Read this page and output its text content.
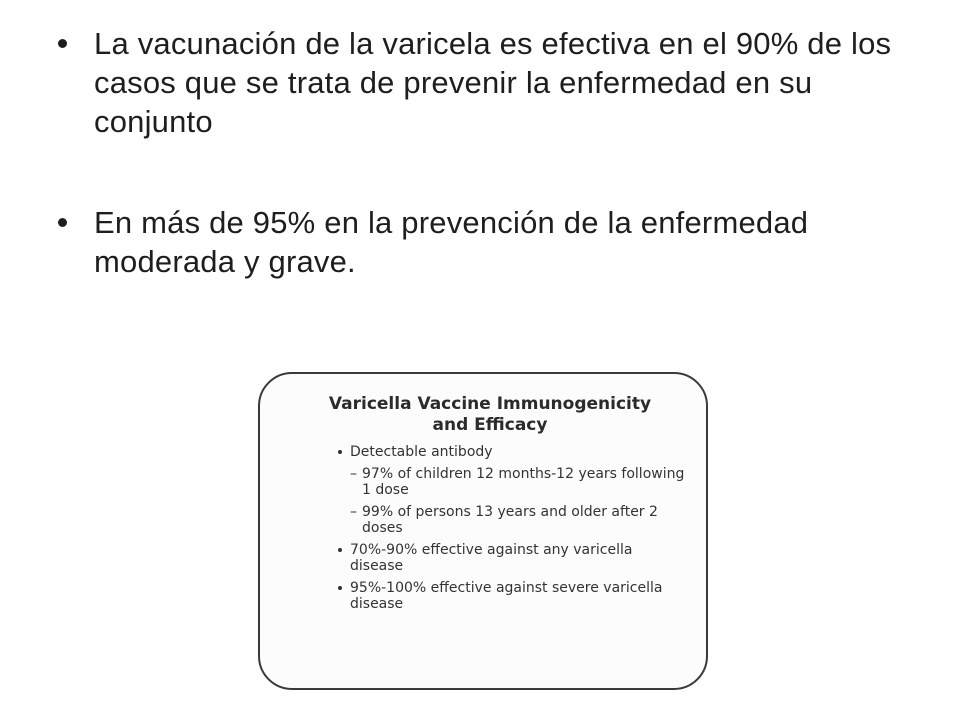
La vacunación de la varicela es efectiva en el 90% de los casos que se trata de prevenir la enfermedad en su conjunto
En más de 95% en la prevención de la enfermedad moderada y grave.
Varicella Vaccine Immunogenicity
and Efficacy
Detectable antibody
– 97% of children 12 months-12 years following 1 dose
– 99% of persons 13 years and older after 2 doses
70%-90% effective against any varicella disease
95%-100% effective against severe varicella disease
